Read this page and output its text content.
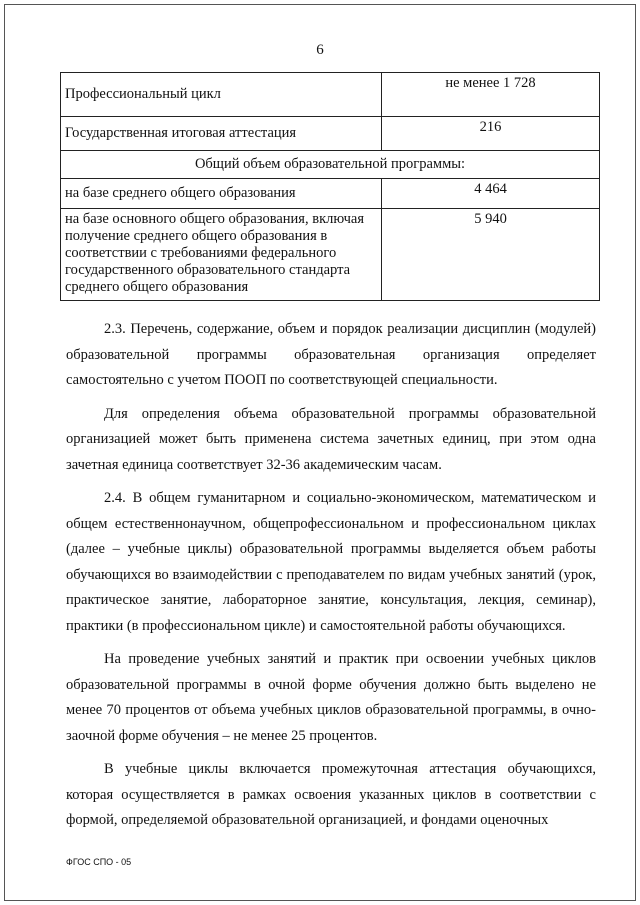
6
Профессиональный цикл	не менее 1 728
Государственная итоговая аттестация	216
Общий объем образовательной программы:	
на базе среднего общего образования	4 464
на базе основного общего образования, включая получение среднего общего образования в соответствии с требованиями федерального государственного образовательного стандарта среднего общего образования	5 940

2.3. Перечень, содержание, объем и порядок реализации дисциплин (модулей) образовательной программы образовательная организация определяет самостоятельно с учетом ПООП по соответствующей специальности.

Для определения объема образовательной программы образовательной организацией может быть применена система зачетных единиц, при этом одна зачетная единица соответствует 32-36 академическим часам.

2.4. В общем гуманитарном и социально-экономическом, математическом и общем естественнонаучном, общепрофессиональном и профессиональном циклах (далее – учебные циклы) образовательной программы выделяется объем работы обучающихся во взаимодействии с преподавателем по видам учебных занятий (урок, практическое занятие, лабораторное занятие, консультация, лекция, семинар), практики (в профессиональном цикле) и самостоятельной работы обучающихся.

На проведение учебных занятий и практик при освоении учебных циклов образовательной программы в очной форме обучения должно быть выделено не менее 70 процентов от объема учебных циклов образовательной программы, в очно-заочной форме обучения – не менее 25 процентов.

В учебные циклы включается промежуточная аттестация обучающихся, которая осуществляется в рамках освоения указанных циклов в соответствии с формой, определяемой образовательной организацией, и фондами оценочных

ФГОС СПО - 05
